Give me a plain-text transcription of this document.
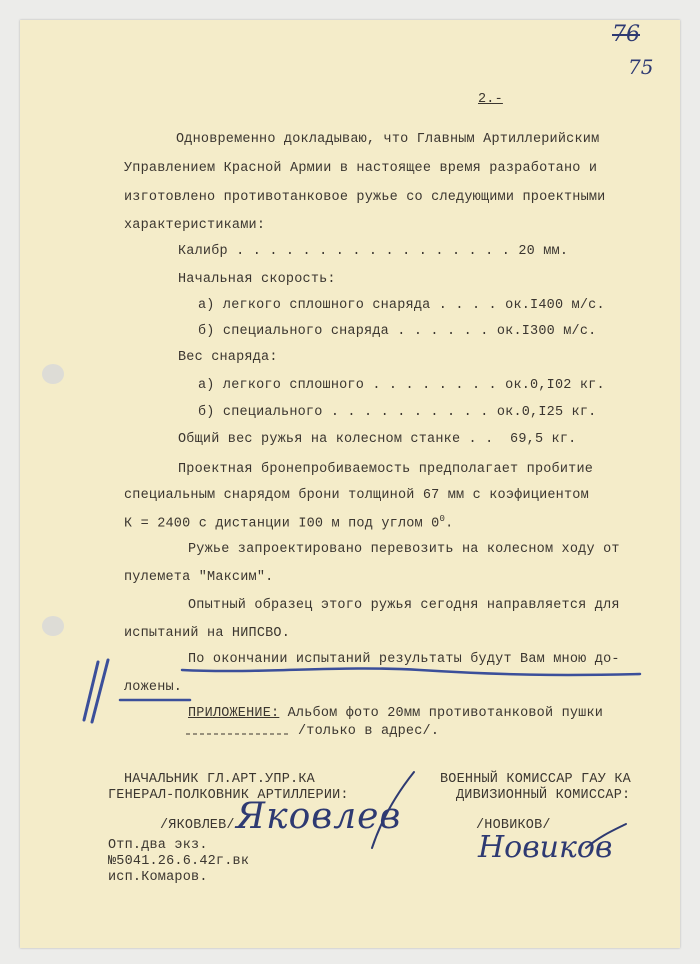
76
75
2.-
Одновременно докладываю, что Главным Артиллерийским
Управлением Красной Армии в настоящее время разработано и
изготовлено противотанковое ружье со следующими проектными
характеристиками:
Калибр . . . . . . . . . . . . . . . . . 20 мм.
Начальная скорость:
а) легкого сплошного снаряда . . . . ок.I400 м/с.
б) специального снаряда . . . . . . ок.I300 м/с.
Вес снаряда:
а) легкого сплошного . . . . . . . . ок.0,I02 кг.
б) специального . . . . . . . . . . ок.0,I25 кг.
Общий вес ружья на колесном станке . .  69,5 кг.
Проектная бронепробиваемость предполагает пробитие
специальным снарядом брони толщиной 67 мм с коэфициентом
К = 2400 с дистанции I00 м под углом $0^0$.
Ружье запроектировано перевозить на колесном ходу от
пулемета "Максим".
Опытный образец этого ружья сегодня направляется для
испытаний на НИПСВО.
По окончании испытаний результаты будут Вам мною до-
ложены.
ПРИЛОЖЕНИЕ: Альбом фото 20мм противотанковой пушки
/только в адрес/.
НАЧАЛЬНИК ГЛ.АРТ.УПР.КА
ГЕНЕРАЛ-ПОЛКОВНИК АРТИЛЛЕРИИ:
/ЯКОВЛЕВ/ Яковлев
ВОЕННЫЙ КОМИССАР ГАУ КА
ДИВИЗИОННЫЙ КОМИССАР:
/НОВИКОВ/
Новиков
Отп.два экз.
№5041.26.6.42г.вк
исп.Комаров.
